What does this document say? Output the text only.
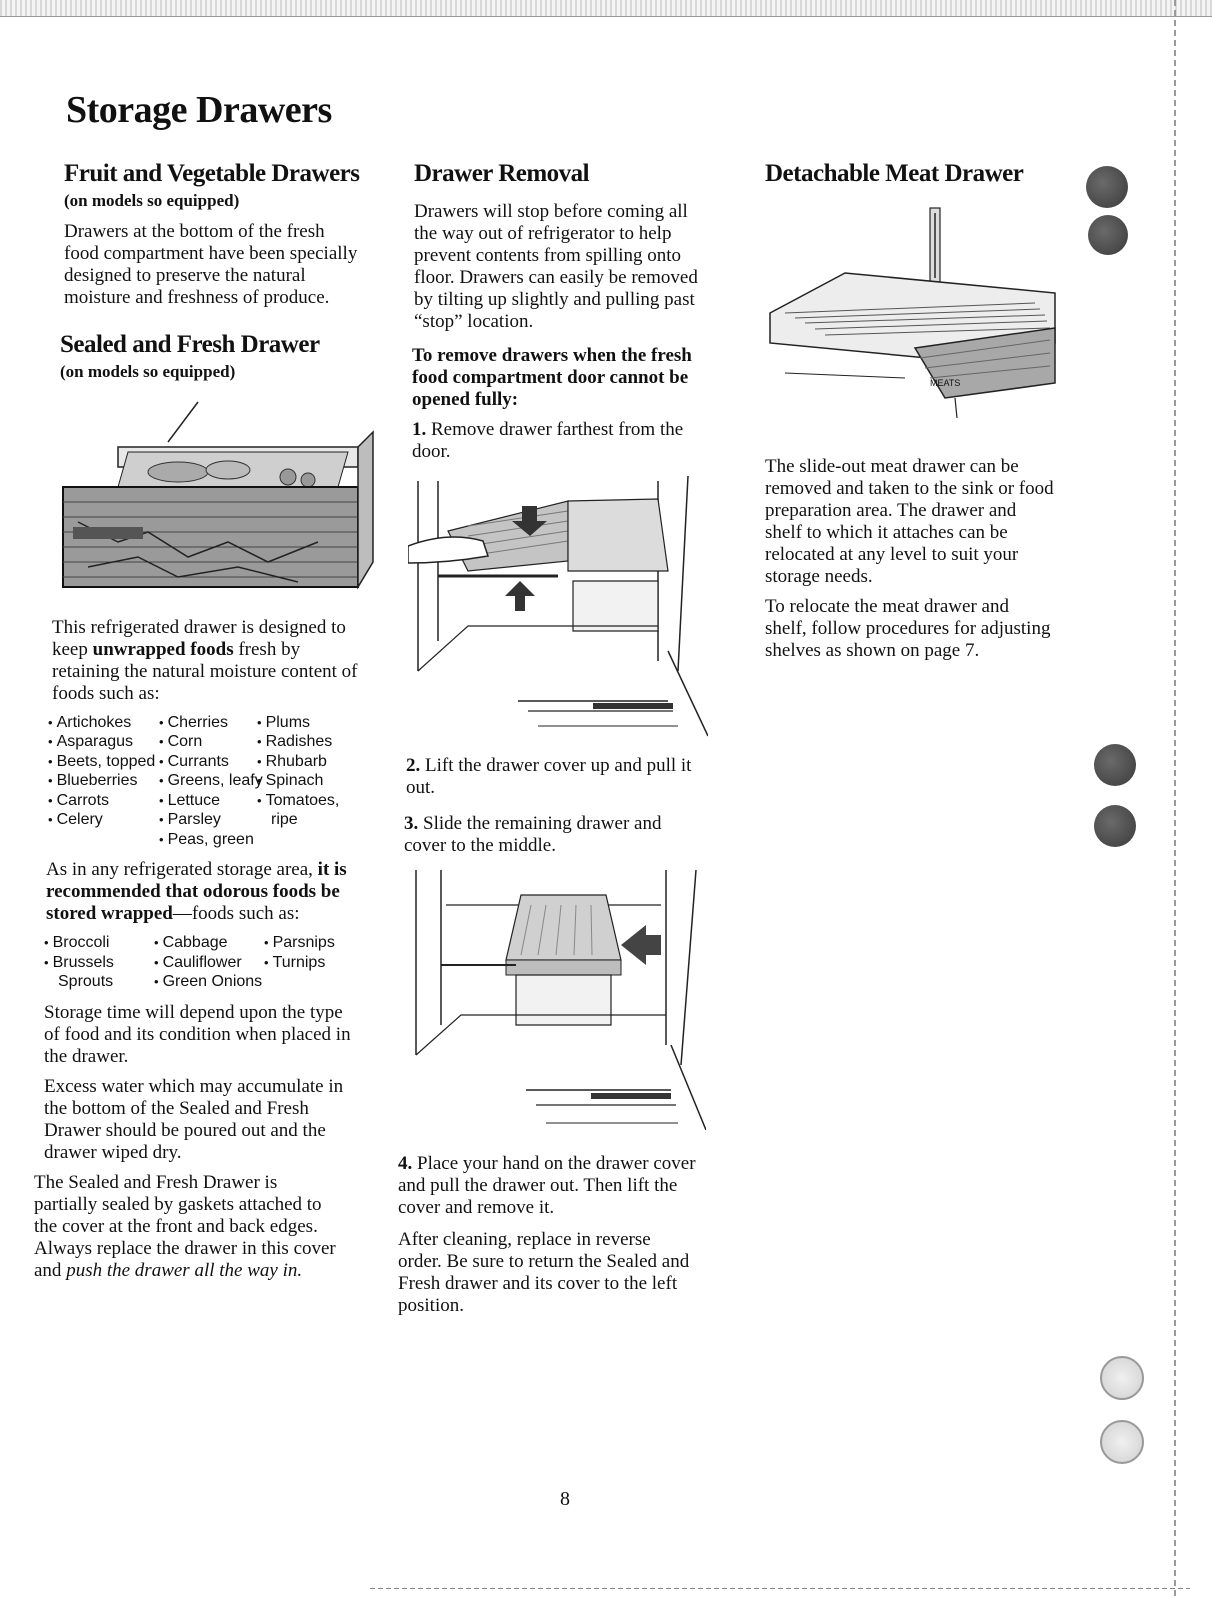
Storage Drawers
Fruit and Vegetable Drawers
(on models so equipped)

Drawers at the bottom of the fresh food compartment have been specially designed to preserve the natural moisture and freshness of produce.

Sealed and Fresh Drawer
(on models so equipped)

This refrigerated drawer is designed to keep unwrapped foods fresh by retaining the natural moisture content of foods such as:

• Artichokes	• Cherries	• Plums
• Asparagus	• Corn	• Radishes
• Beets, topped • Currants	• Rhubarb
• Blueberries	• Greens, leafy • Spinach
• Carrots	• Lettuce	• Tomatoes,
• Celery	• Parsley	ripe
• Peas, green

As in any refrigerated storage area, it is recommended that odorous foods be stored wrapped—foods such as:

• Broccoli	• Cabbage	• Parsnips
• Brussels	• Cauliflower	• Turnips
Sprouts	• Green Onions

Storage time will depend upon the type of food and its condition when placed in the drawer.

Excess water which may accumulate in the bottom of the Sealed and Fresh Drawer should be poured out and the drawer wiped dry.

The Sealed and Fresh Drawer is partially sealed by gaskets attached to the cover at the front and back edges. Always replace the drawer in this cover and push the drawer all the way in.

Drawer Removal

Drawers will stop before coming all the way out of refrigerator to help prevent contents from spilling onto floor. Drawers can easily be removed by tilting up slightly and pulling past “stop” location.

To remove drawers when the fresh food compartment door cannot be opened fully:

1. Remove drawer farthest from the door.

2. Lift the drawer cover up and pull it out.

3. Slide the remaining drawer and cover to the middle.

4. Place your hand on the drawer cover and pull the drawer out. Then lift the cover and remove it.

After cleaning, replace in reverse order. Be sure to return the Sealed and Fresh drawer and its cover to the left position.

Detachable Meat Drawer
MEATS

The slide-out meat drawer can be removed and taken to the sink or food preparation area. The drawer and shelf to which it attaches can be relocated at any level to suit your storage needs.

To relocate the meat drawer and shelf, follow procedures for adjusting shelves as shown on page 7.

8
